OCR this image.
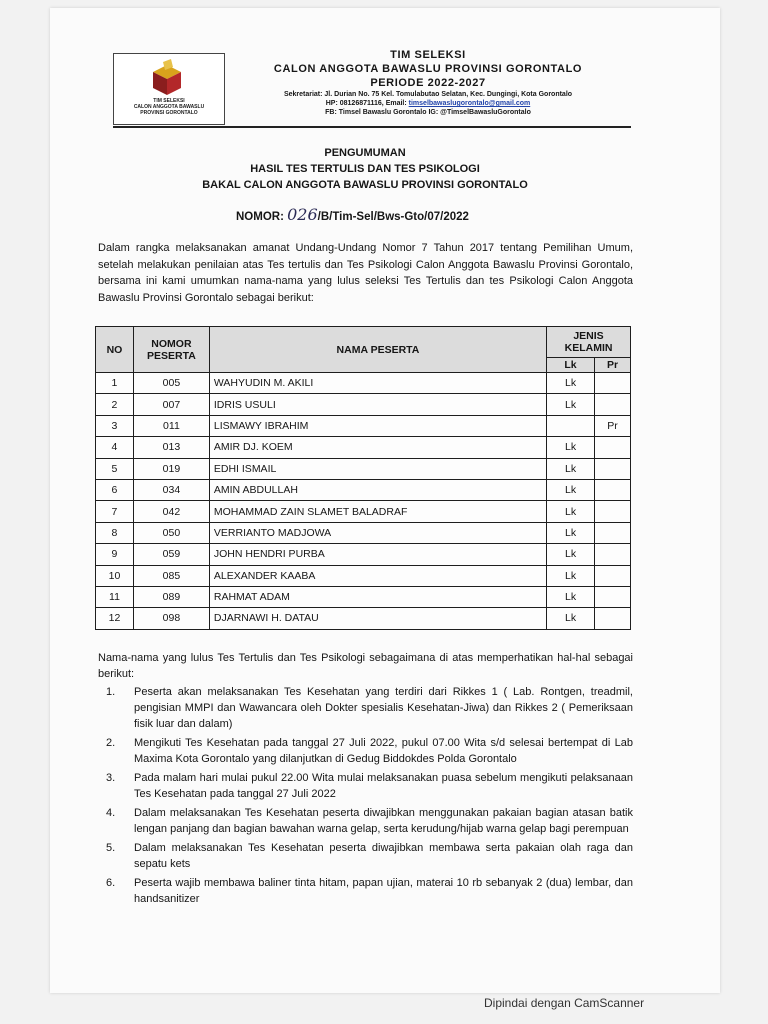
TIM SELEKSI
CALON ANGGOTA BAWASLU
PROVINSI GORONTALO
TIM SELEKSI
CALON ANGGOTA BAWASLU PROVINSI GORONTALO
PERIODE 2022-2027
Sekretariat: Jl. Durian No. 75 Kel. Tomulabutao Selatan, Kec. Dungingi, Kota Gorontalo
HP: 08126871116, Email: timselbawaslugorontalo@gmail.com
FB: Timsel Bawaslu Gorontalo IG: @TimselBawasluGorontalo
PENGUMUMAN
HASIL TES TERTULIS DAN TES PSIKOLOGI
BAKAL CALON ANGGOTA BAWASLU PROVINSI GORONTALO
NOMOR: 026/B/Tim-Sel/Bws-Gto/07/2022
Dalam rangka melaksanakan amanat Undang-Undang Nomor 7 Tahun 2017 tentang Pemilihan Umum, setelah melakukan penilaian atas Tes tertulis dan Tes Psikologi Calon Anggota Bawaslu Provinsi Gorontalo, bersama ini kami umumkan nama-nama yang lulus seleksi Tes Tertulis dan tes Psikologi Calon Anggota Bawaslu Provinsi Gorontalo sebagai berikut:
NO	NOMOR PESERTA	NAMA PESERTA	JENIS KELAMIN	
			Lk	Pr
1	005	WAHYUDIN M. AKILI	Lk	
2	007	IDRIS USULI	Lk	
3	011	LISMAWY IBRAHIM		Pr
4	013	AMIR DJ. KOEM	Lk	
5	019	EDHI ISMAIL	Lk	
6	034	AMIN ABDULLAH	Lk	
7	042	MOHAMMAD ZAIN SLAMET BALADRAF	Lk	
8	050	VERRIANTO MADJOWA	Lk	
9	059	JOHN HENDRI PURBA	Lk	
10	085	ALEXANDER KAABA	Lk	
11	089	RAHMAT ADAM	Lk	
12	098	DJARNAWI H. DATAU	Lk	
Nama-nama yang lulus Tes Tertulis dan Tes Psikologi sebagaimana di atas memperhatikan hal-hal sebagai berikut:
1. Peserta akan melaksanakan Tes Kesehatan yang terdiri dari Rikkes 1 ( Lab. Rontgen, treadmil, pengisian MMPI dan Wawancara oleh Dokter spesialis Kesehatan-Jiwa) dan Rikkes 2 ( Pemeriksaan fisik luar dan dalam)
2. Mengikuti Tes Kesehatan pada tanggal 27 Juli 2022, pukul 07.00 Wita s/d selesai bertempat di Lab Maxima Kota Gorontalo yang dilanjutkan di Gedug Biddokdes Polda Gorontalo
3. Pada malam hari mulai pukul 22.00 Wita mulai melaksanakan puasa sebelum mengikuti pelaksanaan Tes Kesehatan pada tanggal 27 Juli 2022
4. Dalam melaksanakan Tes Kesehatan peserta diwajibkan menggunakan pakaian bagian atasan batik lengan panjang dan bagian bawahan warna gelap, serta kerudung/hijab warna gelap bagi perempuan
5. Dalam melaksanakan Tes Kesehatan peserta diwajibkan membawa serta pakaian olah raga dan sepatu kets
6. Peserta wajib membawa baliner tinta hitam, papan ujian, materai 10 rb sebanyak 2 (dua) lembar, dan handsanitizer
Dipindai dengan CamScanner
